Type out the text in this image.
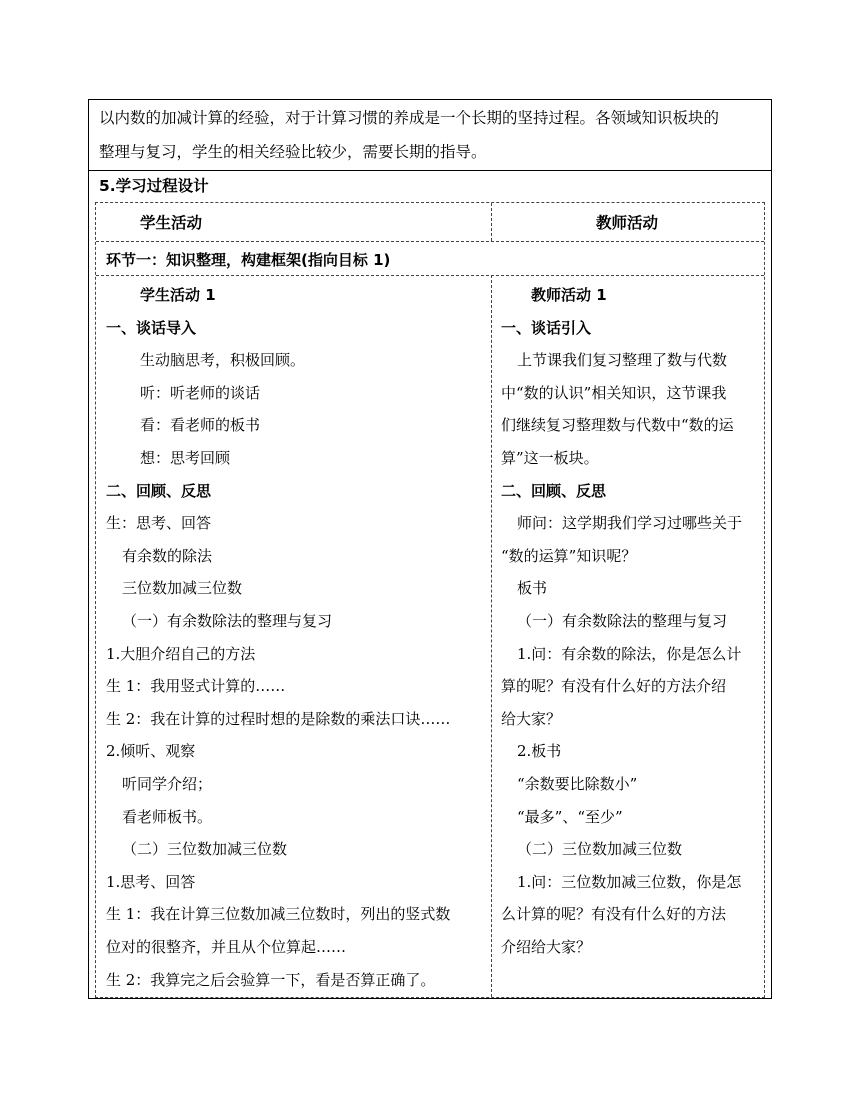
以内数的加减计算的经验，对于计算习惯的养成是一个长期的坚持过程。各领域知识板块的

整理与复习，学生的相关经验比较少，需要长期的指导。

5.学习过程设计
学生活动	教师活动
环节一：知识整理，构建框架(指向目标 1)
学生活动 1
一、谈话导入
生动脑思考，积极回顾。
听：听老师的谈话
看：看老师的板书
想：思考回顾
二、回顾、反思
生：思考、回答
有余数的除法
三位数加减三位数
（一）有余数除法的整理与复习
1.大胆介绍自己的方法
生 1：我用竖式计算的……
生 2：我在计算的过程时想的是除数的乘法口诀……
2.倾听、观察
听同学介绍；
看老师板书。
（二）三位数加减三位数
1.思考、回答
生 1：我在计算三位数加减三位数时，列出的竖式数
位对的很整齐，并且从个位算起……
生 2：我算完之后会验算一下，看是否算正确了。
教师活动 1
一、谈话引入
上节课我们复习整理了数与代数
中“数的认识”相关知识，这节课我
们继续复习整理数与代数中“数的运
算”这一板块。
二、回顾、反思
师问：这学期我们学习过哪些关于
“数的运算”知识呢？
板书
（一）有余数除法的整理与复习
1.问：有余数的除法，你是怎么计
算的呢？有没有什么好的方法介绍
给大家？
2.板书
“余数要比除数小”
“最多”、“至少”
（二）三位数加减三位数
1.问：三位数加减三位数，你是怎
么计算的呢？有没有什么好的方法
介绍给大家？
